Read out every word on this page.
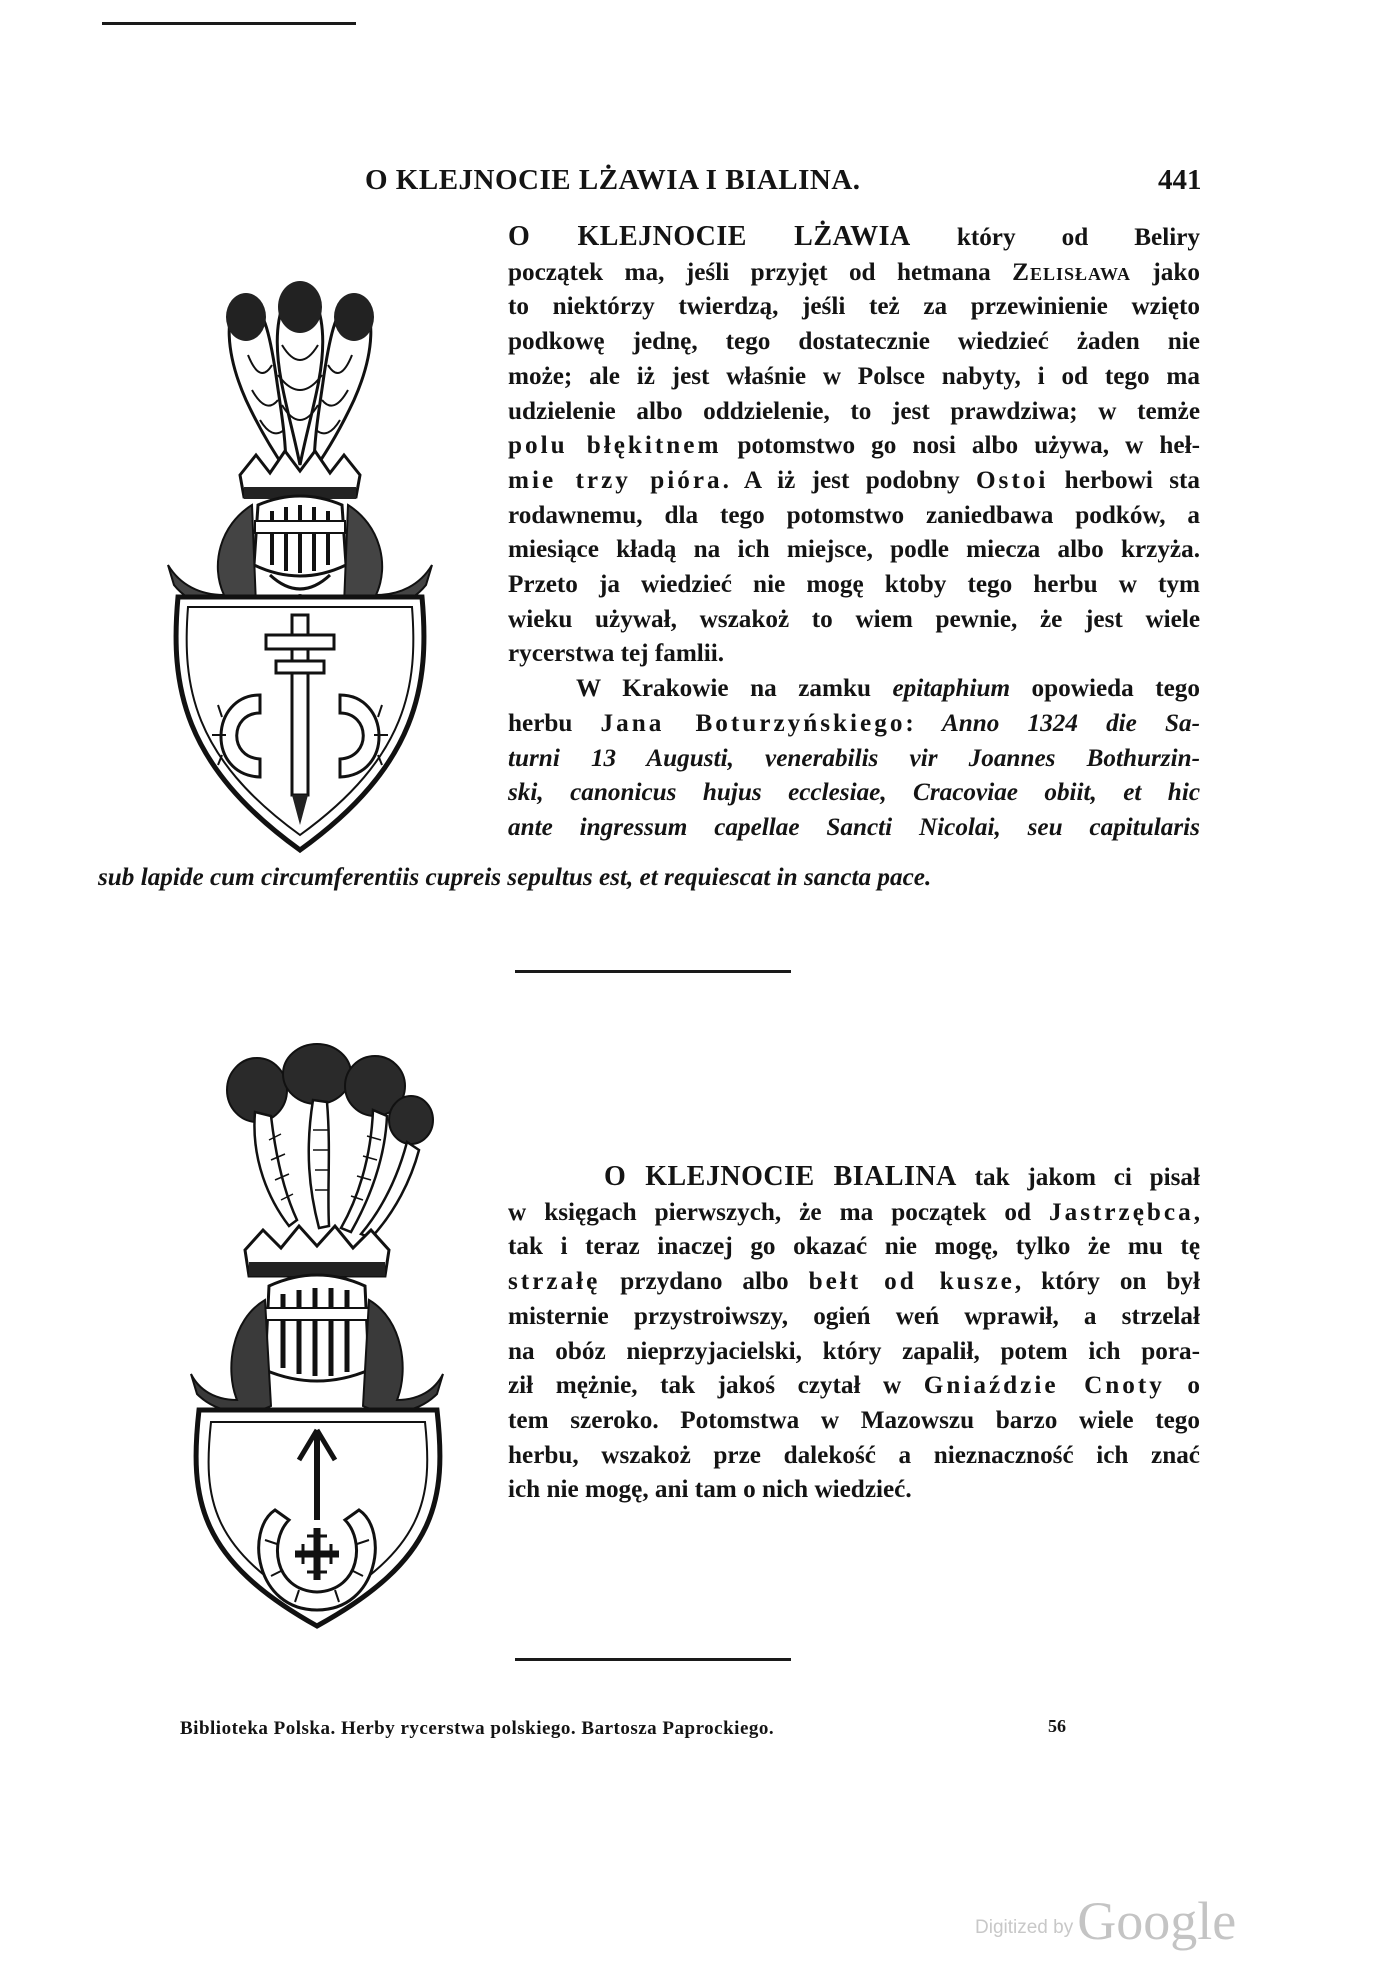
O KLEJNOCIE LŻAWIA I BIALINA.	441
O KLEJNOCIE LŻAWIA który od Beliry
początek ma, jeśli przyjęt od hetmana Zelisława jako
to niektórzy twierdzą, jeśli też za przewinienie wzięto
podkowę jednę, tego dostatecznie wiedzieć żaden nie
może; ale iż jest właśnie w Polsce nabyty, i od tego ma
udzielenie albo oddzielenie, to jest prawdziwa; w temże
polu błękitnem potomstwo go nosi albo używa, w heł-
mie trzy pióra. A iż jest podobny Ostoi herbowi sta
rodawnemu, dla tego potomstwo zaniedbawa podków, a
miesiące kładą na ich miejsce, podle miecza albo krzyża.
Przeto ja wiedzieć nie mogę ktoby tego herbu w tym
wieku używał, wszakoż to wiem pewnie, że jest wiele
rycerstwa tej famlii.
W Krakowie na zamku epitaphium opowieda tego
herbu Jana Boturzyńskiego: Anno 1324 die Sa-
turni 13 Augusti, venerabilis vir Joannes Bothurzin-
ski, canonicus hujus ecclesiae, Cracoviae obiit, et hic
ante ingressum capellae Sancti Nicolai, seu capitularis
sub lapide cum circumferentiis cupreis sepultus est, et requiescat in sancta pace.
O KLEJNOCIE BIALINA tak jakom ci pisał
w księgach pierwszych, że ma początek od Jastrzębca,
tak i teraz inaczej go okazać nie mogę, tylko że mu tę
strzałę przydano albo bełt od kusze, który on był
misternie przystroiwszy, ogień weń wprawił, a strzelał
na obóz nieprzyjacielski, który zapalił, potem ich pora-
ził mężnie, tak jakoś czytał w Gniaździe Cnoty o
tem szeroko. Potomstwa w Mazowszu barzo wiele tego
herbu, wszakoż prze dalekość a nieznaczność ich znać
ich nie mogę, ani tam o nich wiedzieć.
Biblioteka Polska. Herby rycerstwa polskiego. Bartosza Paprockiego.	56
Digitized byGoogle
